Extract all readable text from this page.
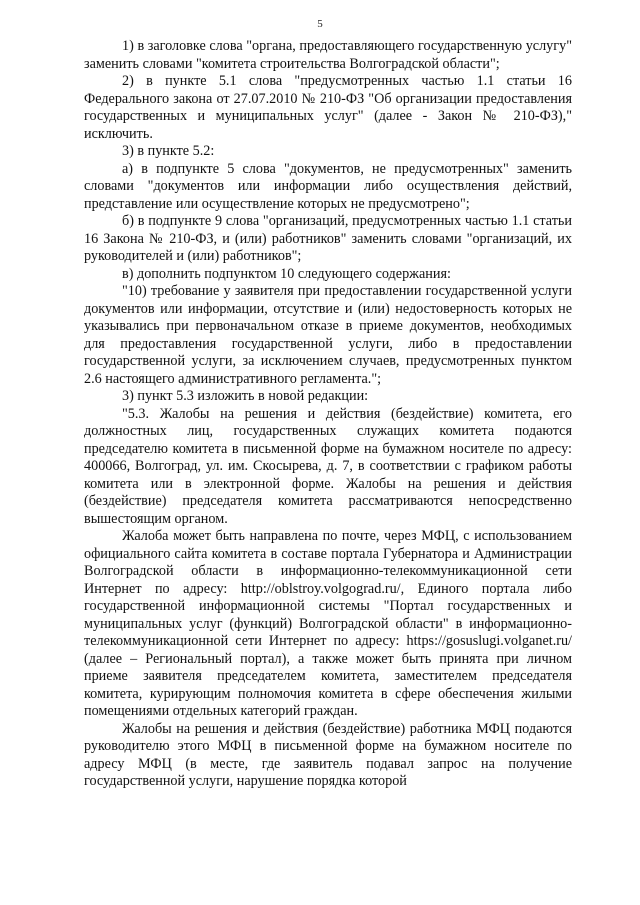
5

1) в заголовке слова "органа, предоставляющего государственную услугу" заменить словами "комитета строительства Волгоградской области";

2) в пункте 5.1 слова "предусмотренных частью 1.1 статьи 16 Федерального закона от 27.07.2010 № 210-ФЗ "Об организации предоставления государственных и муниципальных услуг" (далее - Закон № 210-ФЗ)," исключить.

3) в пункте 5.2:

а) в подпункте 5 слова "документов, не предусмотренных" заменить словами "документов или информации либо осуществления действий, представление или осуществление которых не предусмотрено";

б) в подпункте 9 слова "организаций, предусмотренных частью 1.1 статьи 16 Закона № 210-ФЗ, и (или) работников" заменить словами "организаций, их руководителей и (или) работников";

в) дополнить подпунктом 10 следующего содержания:

"10) требование у заявителя при предоставлении государственной услуги документов или информации, отсутствие и (или) недостоверность которых не указывались при первоначальном отказе в приеме документов, необходимых для предоставления государственной услуги, либо в предоставлении государственной услуги, за исключением случаев, предусмотренных пунктом 2.6 настоящего административного регламента.";

3) пункт 5.3 изложить в новой редакции:

"5.3. Жалобы на решения и действия (бездействие) комитета, его должностных лиц, государственных служащих комитета подаются председателю комитета в письменной форме на бумажном носителе по адресу: 400066, Волгоград, ул. им. Скосырева, д. 7, в соответствии с графиком работы комитета или в электронной форме. Жалобы на решения и действия (бездействие) председателя комитета рассматриваются непосредственно вышестоящим органом.

Жалоба может быть направлена по почте, через МФЦ, с использованием официального сайта комитета в составе портала Губернатора и Администрации Волгоградской области в информационно-телекоммуникационной сети Интернет по адресу: http://oblstroy.volgograd.ru/, Единого портала либо государственной информационной системы "Портал государственных и муниципальных услуг (функций) Волгоградской области" в информационно-телекоммуникационной сети Интернет по адресу: https://gosuslugi.volganet.ru/ (далее – Региональный портал), а также может быть принята при личном приеме заявителя председателем комитета, заместителем председателя комитета, курирующим полномочия комитета в сфере обеспечения жилыми помещениями отдельных категорий граждан.

Жалобы на решения и действия (бездействие) работника МФЦ подаются руководителю этого МФЦ в письменной форме на бумажном носителе по адресу МФЦ (в месте, где заявитель подавал запрос на получение государственной услуги, нарушение порядка которой
